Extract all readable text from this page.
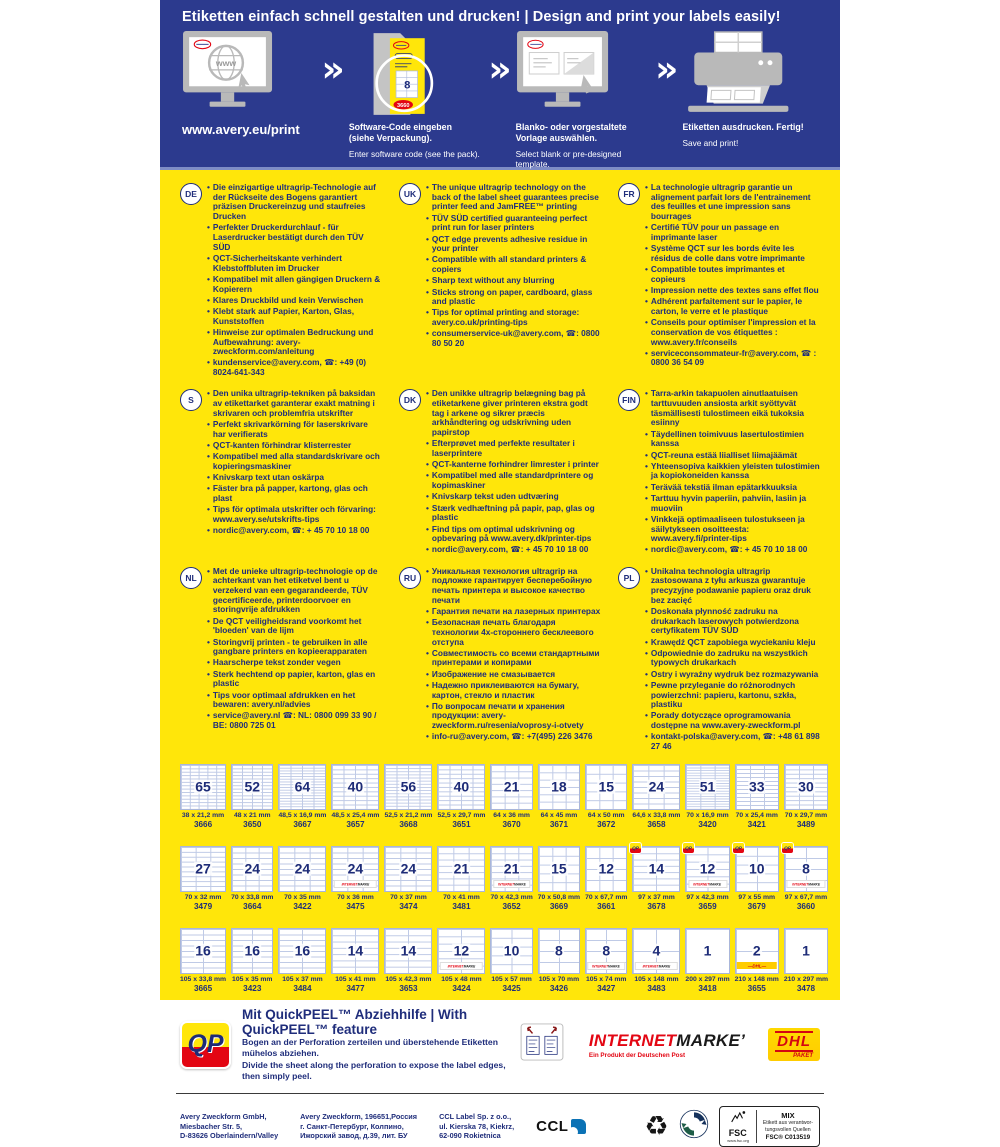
Etiketten einfach schnell gestalten und drucken! | Design and print your labels easily!
www
www.avery.eu/print
»	8
3660
Software-Code eingeben
(siehe Verpackung).
Enter software code (see the pack).
»
Blanko- oder vorgestaltete
Vorlage auswählen.
Select blank or pre-designed template.
»
Etiketten ausdrucken. Fertig!
Save and print!
DE
• Die einzigartige ultragrip-Technologie auf der Rückseite des Bogens garantiert präzisen Druckereinzug und staufreies Drucken
• Perfekter Druckerdurchlauf - für Laserdrucker bestätigt durch den TÜV SÜD
• QCT-Sicherheitskante verhindert Klebstoffbluten im Drucker
• Kompatibel mit allen gängigen Druckern & Kopierern
• Klares Druckbild und kein Verwischen
• Klebt stark auf Papier, Karton, Glas, Kunststoffen
• Hinweise zur optimalen Bedruckung und Aufbewahrung: avery-zweckform.com/anleitung
• kundenservice@avery.com, ☎: +49 (0) 8024-641-343
UK
• The unique ultragrip technology on the back of the label sheet guarantees precise printer feed and JamFREE™ printing
• TÜV SÜD certified guaranteeing perfect print run for laser printers
• QCT edge prevents adhesive residue in your printer
• Compatible with all standard printers & copiers
• Sharp text without any blurring
• Sticks strong on paper, cardboard, glass and plastic
• Tips for optimal printing and storage: avery.co.uk/printing-tips
• consumerservice-uk@avery.com, ☎: 0800 80 50 20
FR
• La technologie ultragrip garantie un alignement parfait lors de l'entrainement des feuilles et une impression sans bourrages
• Certifié TÜV pour un passage en imprimante laser
• Système QCT sur les bords évite les résidus de colle dans votre imprimante
• Compatible toutes imprimantes et copieurs
• Impression nette des textes sans effet flou
• Adhérent parfaitement sur le papier, le carton, le verre et le plastique
• Conseils pour optimiser l'impression et la conservation de vos étiquettes : www.avery.fr/conseils
• serviceconsommateur-fr@avery.com, ☎ : 0800 36 54 09
S
• Den unika ultragrip-tekniken på baksidan av etikettarket garanterar exakt matning i skrivaren och problemfria utskrifter
• Perfekt skrivarkörning för laserskrivare har verifierats
• QCT-kanten förhindrar klisterrester
• Kompatibel med alla standardskrivare och kopieringsmaskiner
• Knivskarp text utan oskärpa
• Fäster bra på papper, kartong, glas och plast
• Tips för optimala utskrifter och förvaring: www.avery.se/utskrifts-tips
• nordic@avery.com, ☎: + 45 70 10 18 00
DK
• Den unikke ultragrip belægning bag på etiketarkene giver printeren ekstra godt tag i arkene og sikrer præcis arkhåndtering og udskrivning uden papirstop
• Efterprøvet med perfekte resultater i laserprintere
• QCT-kanterne forhindrer limrester i printer
• Kompatibel med alle standardprintere og kopimaskiner
• Knivskarp tekst uden udtværing
• Stærk vedhæftning på papir, pap, glas og plastic
• Find tips om optimal udskrivning og opbevaring på www.avery.dk/printer-tips
• nordic@avery.com, ☎: + 45 70 10 18 00
FIN
• Tarra-arkin takapuolen ainutlaatuisen tarttuvuuden ansiosta arkit syöttyvät täsmällisesti tulostimeen eikä tukoksia esiinny
• Täydellinen toimivuus lasertulostimien kanssa
• QCT-reuna estää liialliset liimajäämät
• Yhteensopiva kaikkien yleisten tulostimien ja kopiokoneiden kanssa
• Terävää tekstiä ilman epätarkkuuksia
• Tarttuu hyvin paperiin, pahviin, lasiin ja muoviin
• Vinkkejä optimaaliseen tulostukseen ja säilytykseen osoitteesta: www.avery.fi/printer-tips
• nordic@avery.com, ☎: + 45 70 10 18 00
NL
• Met de unieke ultragrip-technologie op de achterkant van het etiketvel bent u verzekerd van een gegarandeerde, TÜV gecertificeerde, printerdoorvoer en storingvrije afdrukken
• De QCT veiligheidsrand voorkomt het 'bloeden' van de lijm
• Storingvrij printen - te gebruiken in alle gangbare printers en kopieerapparaten
• Haarscherpe tekst zonder vegen
• Sterk hechtend op papier, karton, glas en plastic
• Tips voor optimaal afdrukken en het bewaren: avery.nl/advies
• service@avery.nl ☎: NL: 0800 099 33 90 / BE: 0800 725 01
RU
• Уникальная технология ultragrip на подложке гарантирует бесперебойную печать принтера и высокое качество печати
• Гарантия печати на лазерных принтерах
• Безопасная печать благодаря технологии 4х-стороннего бесклеевого отступа
• Совместимость со всеми стандартными принтерами и копирами
• Изображение не смазывается
• Надежно приклеиваются на бумагу, картон, стекло и пластик
• По вопросам печати и хранения продукции: avery-zweckform.ru/resenia/voprosy-i-otvety
• info-ru@avery.com, ☎: +7(495) 226 3476
PL
• Unikalna technologia ultragrip zastosowana z tyłu arkusza gwarantuje precyzyjne podawanie papieru oraz druk bez zacięć
• Doskonała płynność zadruku na drukarkach laserowych potwierdzona certyfikatem TÜV SÜD
• Krawędź QCT zapobiega wyciekaniu kleju
• Odpowiednie do zadruku na wszystkich typowych drukarkach
• Ostry i wyraźny wydruk bez rozmazywania
• Pewne przyleganie do różnorodnych powierzchni: papieru, kartonu, szkła, plastiku
• Porady dotyczące oprogramowania dostępne na www.avery-zweckform.pl
• kontakt-polska@avery.com, ☎: +48 61 898 27 46
65
38 x 21,2 mm
3666
52
48 x 21 mm
3650
64
48,5 x 16,9 mm
3667
40
48,5 x 25,4 mm
3657
56
52,5 x 21,2 mm
3668
40
52,5 x 29,7 mm
3651
21
64 x 36 mm
3670
18
64 x 45 mm
3671
15
64 x 50 mm
3672
24
64,6 x 33,8 mm
3658
51
70 x 16,9 mm
3420
33
70 x 25,4 mm
3421
30
70 x 29,7 mm
3489
27
70 x 32 mm
3479
24
70 x 33,8 mm
3664
24
70 x 35 mm
3422
24
INTERNET MARKE
70 x 36 mm
3475
24
70 x 37 mm
3474
21
70 x 41 mm
3481
21
INTERNET MARKE
70 x 42,3 mm
3652
15
70 x 50,8 mm
3669
12
70 x 67,7 mm
3661
QP
14
97 x 37 mm
3678
QP
12
INTERNET MARKE
97 x 42,3 mm
3659
QP
10
97 x 55 mm
3679
QP
8
INTERNET MARKE
97 x 67,7 mm
3660
16
105 x 33,8 mm
3665
16
105 x 35 mm
3423
16
105 x 37 mm
3484
14
105 x 41 mm
3477
14
105 x 42,3 mm
3653
12
INTERNET MARKE
105 x 48 mm
3424
10
105 x 57 mm
3425
8
105 x 70 mm
3426
8
INTERNET MARKE
105 x 74 mm
3427
4
INTERNET MARKE
105 x 148 mm
3483
1
200 x 297 mm
3418
2
—DHL—
210 x 148 mm
3655
1
210 x 297 mm
3478
QP
Mit QuickPEEL™ Abziehhilfe | With QuickPEEL™ feature
Bogen an der Perforation zerteilen und überstehende Etiketten mühelos abziehen.
Divide the sheet along the perforation to expose the label edges, then simply peel.
INTERNETMARKE’
Ein Produkt der Deutschen Post
DHL
PAKET
Avery Zweckform GmbH,
Miesbacher Str. 5,
D-83626 Oberlaindern/Valley
Avery Zweckform, 196651,Россия
г. Санкт-Петербург, Колпино,
Ижорский завод, д.39, лит. БУ
CCL Label Sp. z o.o.,
ul. Kierska 78, Kiekrz,
62-090 Rokietnica
CCL	♻	FSC
www.fsc.org
MIX
Etikett aus verantwor-
tungsvollen Quellen
FSC® C013519
